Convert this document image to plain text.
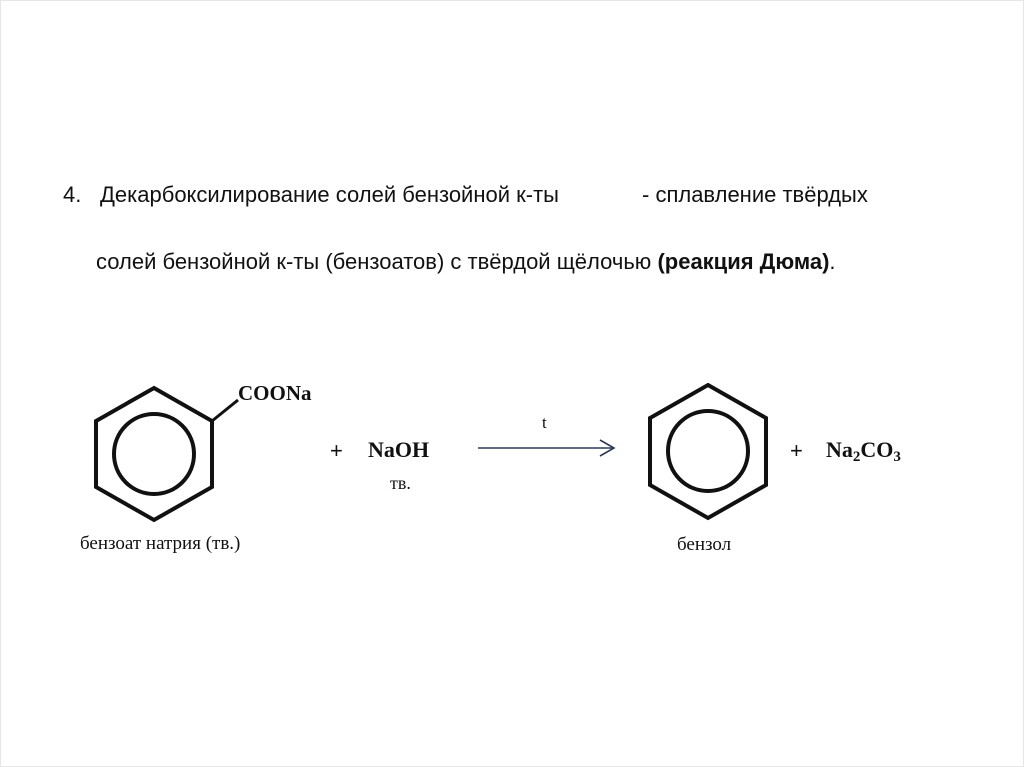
4. Декарбоксилирование солей бензойной к-ты	- сплавление твёрдых
солей бензойной к-ты (бензоатов) с твёрдой щёлочью (реакция Дюма).
COONa
+ NaOH
тв.
t
+ Na2CO3
бензоат натрия (тв.)	бензол
